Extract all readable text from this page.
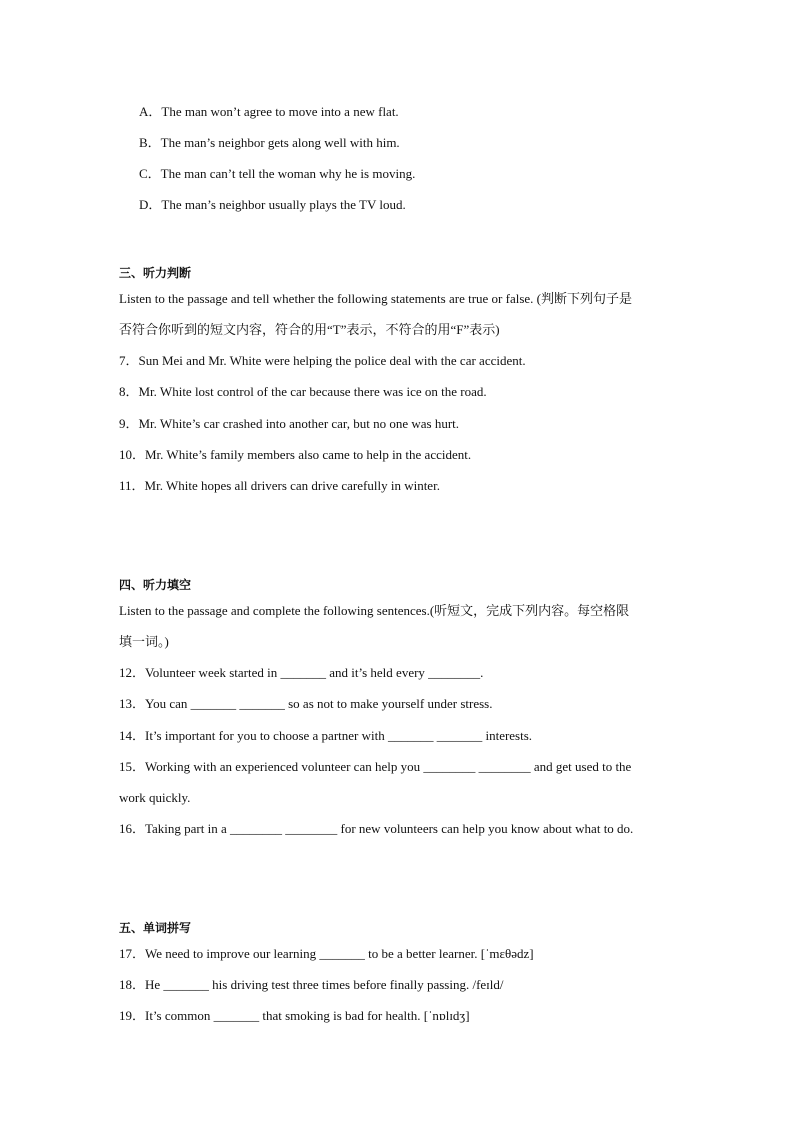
A．The man won’t agree to move into a new flat.
B．The man’s neighbor gets along well with him.
C．The man can’t tell the woman why he is moving.
D．The man’s neighbor usually plays the TV loud.
三、听力判断
Listen to the passage and tell whether the following statements are true or false. (判断下列句子是
否符合你听到的短文内容，符合的用“T”表示，不符合的用“F”表示)
7．Sun Mei and Mr. White were helping the police deal with the car accident.
8．Mr. White lost control of the car because there was ice on the road.
9．Mr. White’s car crashed into another car, but no one was hurt.
10．Mr. White’s family members also came to help in the accident.
11．Mr. White hopes all drivers can drive carefully in winter.
四、听力填空
Listen to the passage and complete the following sentences.(听短文，完成下列内容。每空格限
填一词。)
12．Volunteer week started in _______ and it’s held every ________.
13．You can _______ _______ so as not to make yourself under stress.
14．It’s important for you to choose a partner with _______ _______ interests.
15．Working with an experienced volunteer can help you ________ ________ and get used to the
work quickly.
16．Taking part in a ________ ________ for new volunteers can help you know about what to do.
五、单词拼写
17．We need to improve our learning _______ to be a better learner. [ˈmɛθədz]
18．He _______ his driving test three times before finally passing. /feɪld/
19．It’s common _______ that smoking is bad for health. [ˈnɒlɪdʒ]
